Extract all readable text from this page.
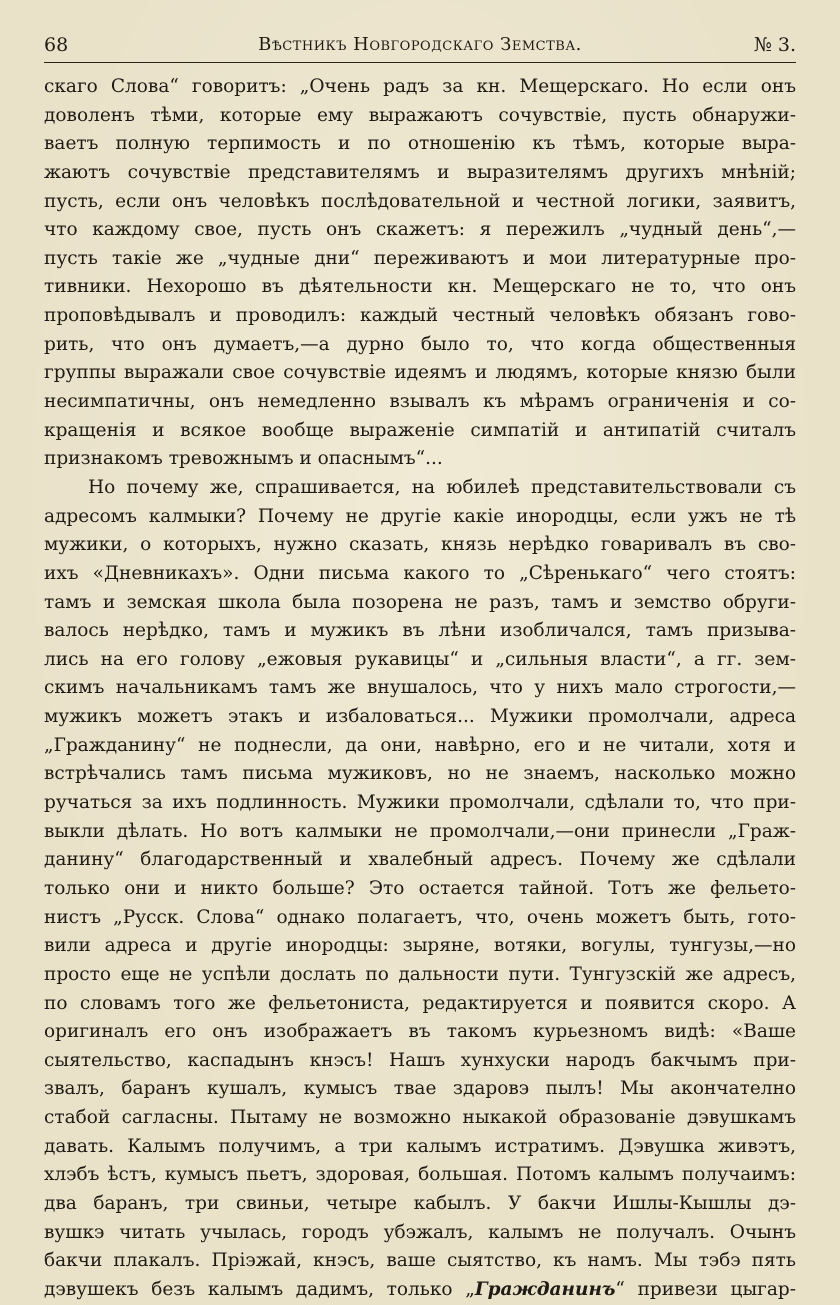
68	Вѣстникъ Новгородскаго Земства.	№ 3.
скаго Слова“ говоритъ: „Очень радъ за кн. Мещерскаго. Но если онъ
доволенъ тѣми, которые ему выражаютъ сочувствіе, пусть обнаружи-
ваетъ полную терпимость и по отношенію къ тѣмъ, которые выра-
жаютъ сочувствіе представителямъ и выразителямъ другихъ мнѣній;
пусть, если онъ человѣкъ послѣдовательной и честной логики, заявитъ,
что каждому свое, пусть онъ скажетъ: я пережилъ „чудный день“,—
пусть такіе же „чудные дни“ переживаютъ и мои литературные про-
тивники. Нехорошо въ дѣятельности кн. Мещерскаго не то, что онъ
проповѣдывалъ и проводилъ: каждый честный человѣкъ обязанъ гово-
рить, что онъ думаетъ,—а дурно было то, что когда общественныя
группы выражали свое сочувствіе идеямъ и людямъ, которые князю были
несимпатичны, онъ немедленно взывалъ къ мѣрамъ ограниченія и со-
кращенія и всякое вообще выраженіе симпатій и антипатій считалъ
признакомъ тревожнымъ и опаснымъ“...
Но почему же, спрашивается, на юбилеѣ представительствовали съ
адресомъ калмыки? Почему не другіе какіе инородцы, если ужъ не тѣ
мужики, о которыхъ, нужно сказать, князь нерѣдко говаривалъ въ сво-
ихъ «Дневникахъ». Одни письма какого то „Сѣренькаго“ чего стоятъ:
тамъ и земская школа была позорена не разъ, тамъ и земство обруги-
валось нерѣдко, тамъ и мужикъ въ лѣни изобличался, тамъ призыва-
лись на его голову „ежовыя рукавицы“ и „сильныя власти“, а гг. зем-
скимъ начальникамъ тамъ же внушалось, что у нихъ мало строгости,—
мужикъ можетъ этакъ и избаловаться... Мужики промолчали, адреса
„Гражданину“ не поднесли, да они, навѣрно, его и не читали, хотя и
встрѣчались тамъ письма мужиковъ, но не знаемъ, насколько можно
ручаться за ихъ подлинность. Мужики промолчали, сдѣлали то, что при-
выкли дѣлать. Но вотъ калмыки не промолчали,—они принесли „Граж-
данину“ благодарственный и хвалебный адресъ. Почему же сдѣлали
только они и никто больше? Это остается тайной. Тотъ же фельето-
нистъ „Русск. Слова“ однако полагаетъ, что, очень можетъ быть, гото-
вили адреса и другіе инородцы: зыряне, вотяки, вогулы, тунгузы,—но
просто еще не успѣли дослать по дальности пути. Тунгузскій же адресъ,
по словамъ того же фельетониста, редактируется и появится скоро. А
оригиналъ его онъ изображаетъ въ такомъ курьезномъ видѣ: «Ваше
сыятельство, каспадынъ кнэсъ! Нашъ хунхуски народъ бакчымъ при-
звалъ, баранъ кушалъ, кумысъ твае здаровэ пылъ! Мы акончателно
стабой сагласны. Пытаму не возможно ныкакой образованіе дэвушкамъ
давать. Калымъ получимъ, а три калымъ истратимъ. Дэвушка живэтъ,
хлэбъ ѣстъ, кумысъ пьетъ, здоровая, большая. Потомъ калымъ получаимъ:
два баранъ, три свиньи, четыре кабылъ. У бакчи Ишлы-Кышлы дэ-
вушкэ читать учылась, городъ убэжалъ, калымъ не получалъ. Очынъ
бакчи плакалъ. Пріэжай, кнэсъ, ваше сыятство, къ намъ. Мы тэбэ пять
дэвушекъ безъ калымъ дадимъ, только „Гражданинъ“ привези цыгар-
